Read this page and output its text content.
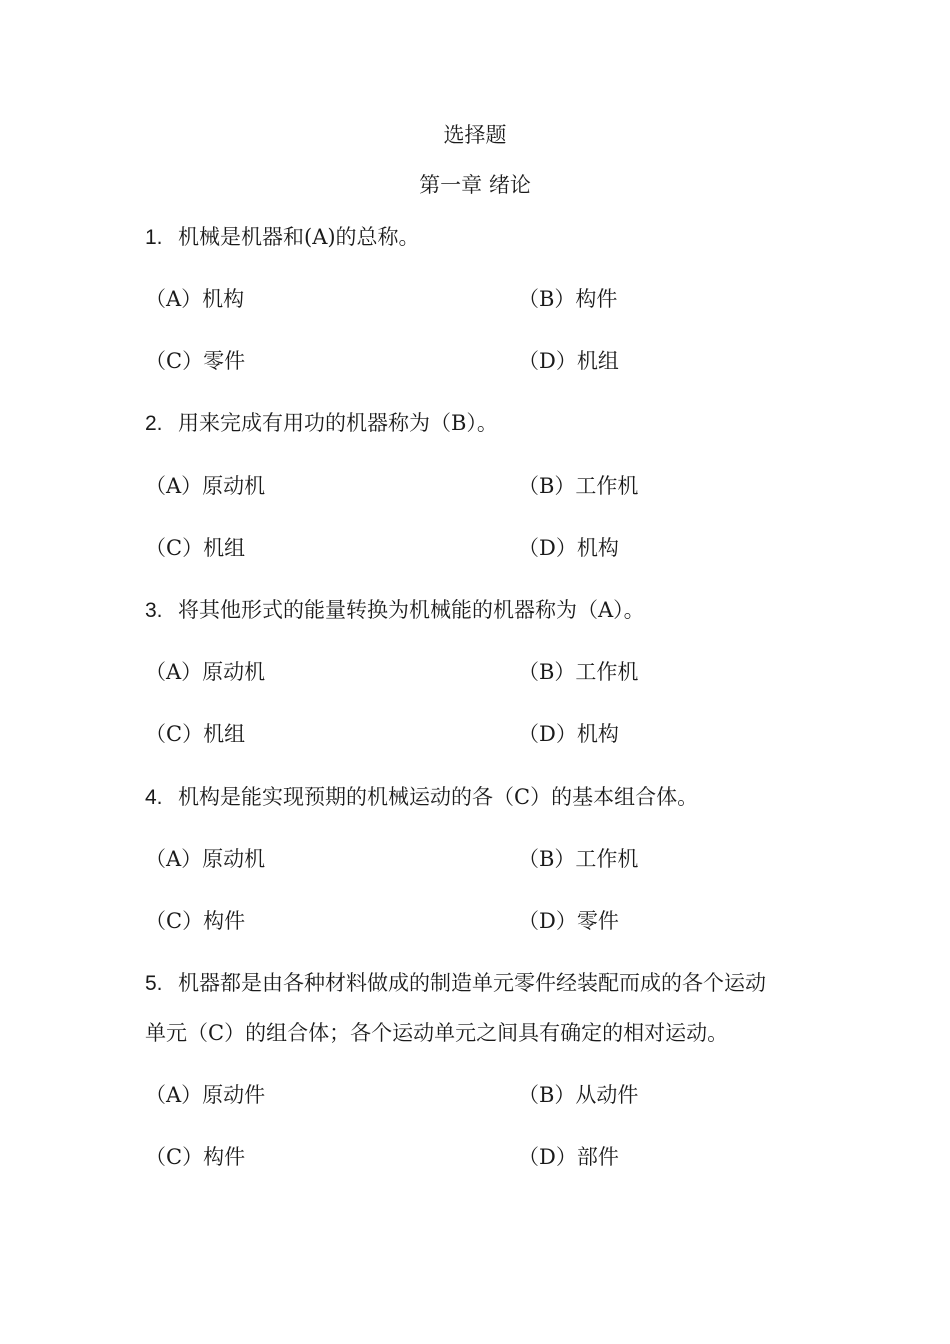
选择题
第一章 绪论
1. 机械是机器和(A)的总称。
（A）机构	（B）构件
（C）零件	（D）机组
2. 用来完成有用功的机器称为（B）。
（A）原动机	（B）工作机
（C）机组	（D）机构
3. 将其他形式的能量转换为机械能的机器称为（A）。
（A）原动机	（B）工作机
（C）机组	（D）机构
4. 机构是能实现预期的机械运动的各（C）的基本组合体。
（A）原动机	（B）工作机
（C）构件	（D）零件
5. 机器都是由各种材料做成的制造单元零件经装配而成的各个运动
单元（C）的组合体；各个运动单元之间具有确定的相对运动。
（A）原动件	（B）从动件
（C）构件	（D）部件
